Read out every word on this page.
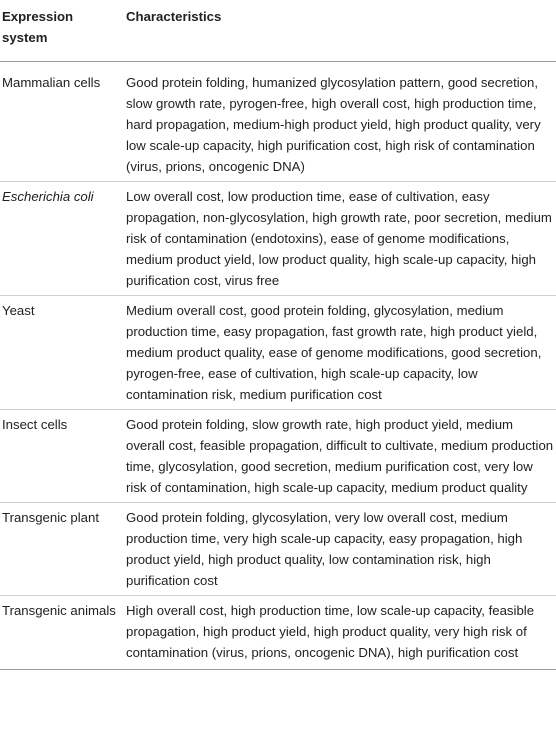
Expression system	Characteristics
Mammalian cells	Good protein folding, humanized glycosylation pattern, good secretion, slow growth rate, pyrogen-free, high overall cost, high production time, hard propagation, medium-high product yield, high product quality, very low scale-up capacity, high purification cost, high risk of contamination (virus, prions, oncogenic DNA)
Escherichia coli	Low overall cost, low production time, ease of cultivation, easy propagation, non-glycosylation, high growth rate, poor secretion, medium risk of contamination (endotoxins), ease of genome modifications, medium product yield, low product quality, high scale-up capacity, high purification cost, virus free
Yeast	Medium overall cost, good protein folding, glycosylation, medium production time, easy propagation, fast growth rate, high product yield, medium product quality, ease of genome modifications, good secretion, pyrogen-free, ease of cultivation, high scale-up capacity, low contamination risk, medium purification cost
Insect cells	Good protein folding, slow growth rate, high product yield, medium overall cost, feasible propagation, difficult to cultivate, medium production time, glycosylation, good secretion, medium purification cost, very low risk of contamination, high scale-up capacity, medium product quality
Transgenic plant	Good protein folding, glycosylation, very low overall cost, medium production time, very high scale-up capacity, easy propagation, high product yield, high product quality, low contamination risk, high purification cost
Transgenic animals	High overall cost, high production time, low scale-up capacity, feasible propagation, high product yield, high product quality, very high risk of contamination (virus, prions, oncogenic DNA), high purification cost
